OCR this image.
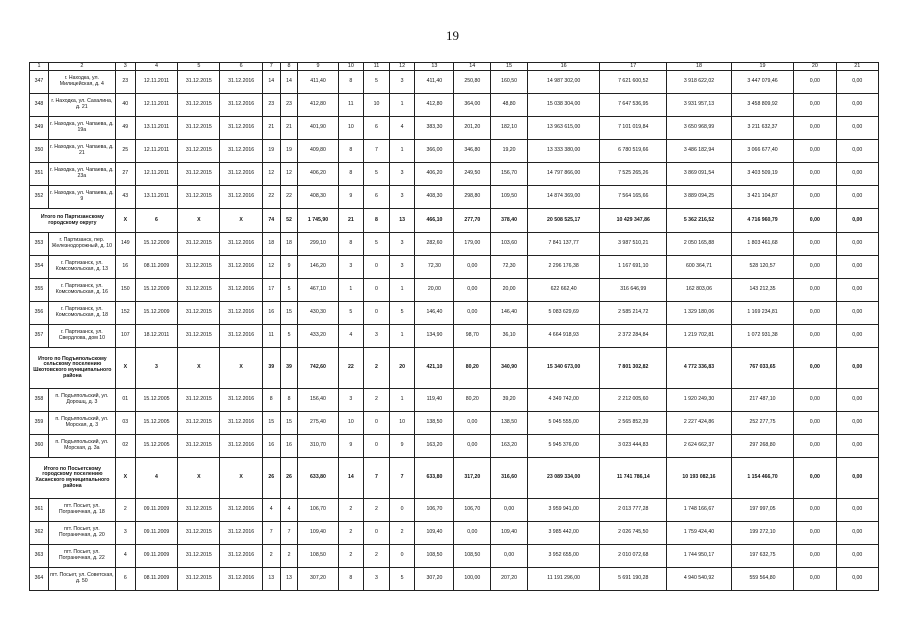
19
1	2	3	4	5	6	7	8	9	10	11	12	13	14	15	16	17	18	19	20	21
347	г. Находка, ул. Милицейская, д. 4	23	12.11.2011	31.12.2015	31.12.2016	14	14	411,40	8	5	3	411,40	250,80	160,50	14 987 302,00	7 621 600,52	3 918 622,02	3 447 079,46	0,00	0,00
348	г. Находка, ул. Сахалина, д. 21	40	12.11.2011	31.12.2015	31.12.2016	23	23	412,80	11	10	1	412,80	364,00	48,80	15 038 304,00	7 647 536,95	3 931 957,13	3 458 809,92	0,00	0,00
349	г. Находка, ул. Чапаева, д. 19а	49	13.11.2011	31.12.2015	31.12.2016	21	21	401,90	10	6	4	383,30	201,20	182,10	13 963 615,00	7 101 019,84	3 650 968,99	3 211 632,37	0,00	0,00
350	г. Находка, ул. Чапаева, д. 21	25	12.11.2011	31.12.2015	31.12.2016	19	19	409,80	8	7	1	366,00	346,80	19,20	13 333 380,00	6 780 519,66	3 486 182,94	3 066 677,40	0,00	0,00
351	г. Находка, ул. Чапаева, д. 23а	27	12.11.2011	31.12.2015	31.12.2016	12	12	406,20	8	5	3	406,20	249,50	156,70	14 797 866,00	7 525 265,26	3 869 091,54	3 403 509,19	0,00	0,00
352	г. Находка, ул. Чапаева, д. 9	43	13.11.2011	31.12.2015	31.12.2016	22	22	408,30	9	6	3	408,30	298,80	109,50	14 874 369,00	7 564 165,66	3 889 094,25	3 421 104,87	0,00	0,00
Итого по Партизанскому городскому округу		X	6	X	X	74	52	1 745,90	21	8	13	466,10	277,70	378,40	20 508 525,17	10 429 347,86	5 362 216,52	4 716 960,79	0,00	0,00
353	г. Партизанск, пер. Железнодорожный, д. 10	149	15.12.2009	31.12.2015	31.12.2016	18	18	299,10	8	5	3	282,60	179,00	103,60	7 841 137,77	3 987 510,21	2 050 165,88	1 803 461,68	0,00	0,00
354	г. Партизанск, ул. Комсомольская, д. 13	16	08.11.2009	31.12.2015	31.12.2016	12	9	146,20	3	0	3	72,30	0,00	72,30	2 296 176,38	1 167 691,10	600 364,71	528 120,57	0,00	0,00
355	г. Партизанск, ул. Комсомольская, д. 16	150	15.12.2009	31.12.2015	31.12.2016	17	5	467,10	1	0	1	20,00	0,00	20,00	622 662,40	316 646,99	162 803,06	143 212,35	0,00	0,00
356	г. Партизанск, ул. Комсомольская, д. 18	152	15.12.2009	31.12.2015	31.12.2016	16	15	430,30	5	0	5	146,40	0,00	146,40	5 083 629,69	2 585 214,72	1 329 180,06	1 169 234,81	0,00	0,00
357	г. Партизанск, ул. Свердлова, дом 10	107	18.12.2011	31.12.2015	31.12.2016	11	5	433,20	4	3	1	134,90	98,70	36,10	4 664 918,93	2 372 284,84	1 219 702,81	1 072 931,38	0,00	0,00
Итого по Подъяпольскому сельскому поселению Шкотовского муниципального района		X	3	X	X	39	39	742,60	22	2	20	421,10	80,20	340,90	15 340 673,00	7 801 302,82	4 772 336,83	767 033,65	0,00	0,00
358	п. Подъяпольский, ул. Дорошц, д. 3	01	15.12.2005	31.12.2015	31.12.2016	8	8	156,40	3	2	1	119,40	80,20	39,20	4 349 742,00	2 212 005,60	1 920 249,30	217 487,10	0,00	0,00
359	п. Подъяпольский, ул. Морская, д. 3	03	15.12.2005	31.12.2015	31.12.2016	15	15	275,40	10	0	10	138,50	0,00	138,50	5 045 555,00	2 565 852,39	2 227 424,86	252 277,75	0,00	0,00
360	п. Подъяпольский, ул. Морская, д. 3а	02	15.12.2005	31.12.2015	31.12.2016	16	16	310,70	9	0	9	163,20	0,00	163,20	5 945 376,00	3 023 444,83	2 624 662,37	297 268,80	0,00	0,00
Итого по Посьетскому городскому поселению Хасанского муниципального района		X	4	X	X	26	26	633,80	14	7	7	633,80	317,20	316,60	23 089 334,00	11 741 786,14	10 193 082,16	1 154 466,70	0,00	0,00
361	пгт. Посьет, ул. Пограничная, д. 18	2	09.11.2009	31.12.2015	31.12.2016	4	4	106,70	2	2	0	106,70	106,70	0,00	3 959 941,00	2 013 777,28	1 748 166,67	197 997,05	0,00	0,00
362	пгт. Посьет, ул. Пограничная, д. 20	3	09.11.2009	31.12.2015	31.12.2016	7	7	109,40	2	0	2	109,40	0,00	109,40	3 985 442,00	2 026 745,50	1 759 424,40	199 272,10	0,00	0,00
363	пгт. Посьет, ул. Пограничная, д. 22	4	09.11.2009	31.12.2015	31.12.2016	2	2	108,50	2	2	0	108,50	108,50	0,00	3 952 655,00	2 010 072,68	1 744 950,17	197 632,75	0,00	0,00
364	пгт. Посьет, ул. Советская, д. 50	6	08.11.2009	31.12.2015	31.12.2016	13	13	307,20	8	3	5	307,20	100,00	207,20	11 191 296,00	5 691 190,28	4 940 540,92	559 564,80	0,00	0,00
